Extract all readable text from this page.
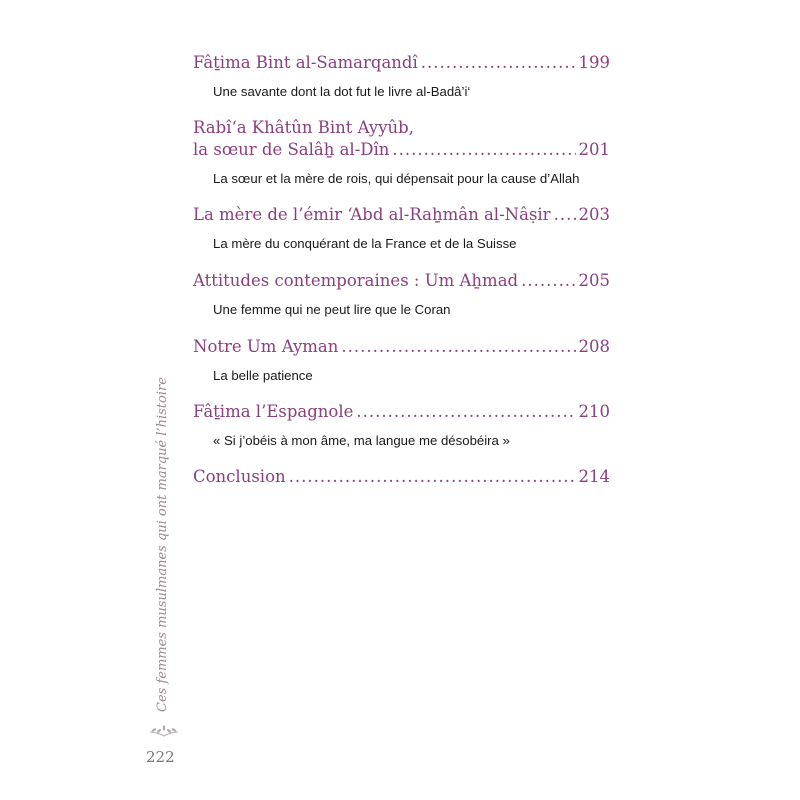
Fâṯima Bint al-Samarqandî .....	199
Une savante dont la dot fut le livre al-Badâ’i‘
Rabî‘a Khâtûn Bint Ayyûb,
la sœur de Salâẖ al-Dîn .....	201
La sœur et la mère de rois, qui dépensait pour la cause d’Allah
La mère de l’émir ‘Abd al-Raẖmân al-Nâṣir ..... 203
La mère du conquérant de la France et de la Suisse
Attitudes contemporaines : Um Aẖmad .....	205
Une femme qui ne peut lire que le Coran
Notre Um Ayman .....	208
La belle patience
Fâṯima l’Espagnole .....	210
« Si j’obéis à mon âme, ma langue me désobéira »
Conclusion .....	214
Ces femmes musulmanes qui ont marqué l’histoire
222
